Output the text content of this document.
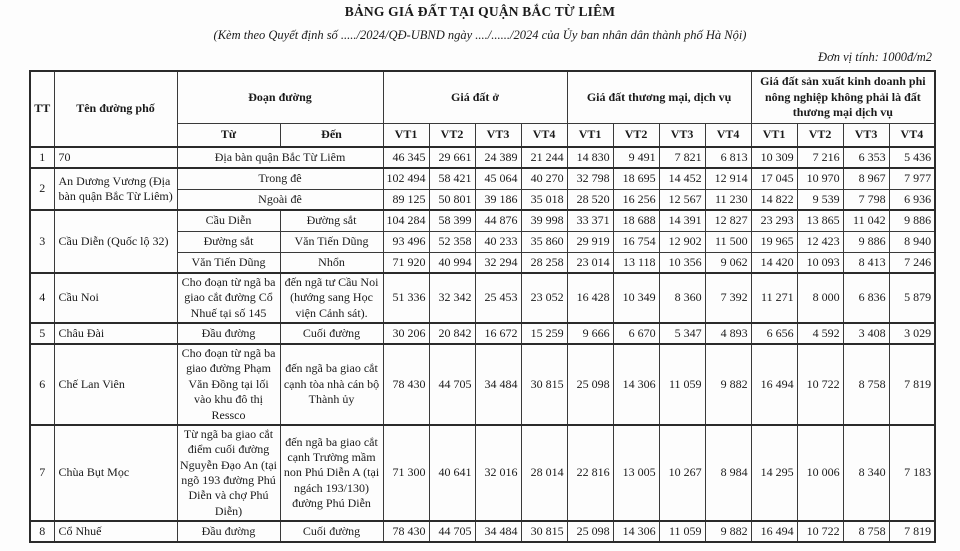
BẢNG GIÁ ĐẤT TẠI QUẬN BẮC TỪ LIÊM
(Kèm theo Quyết định số ...../2024/QĐ-UBND ngày ..../....../2024 của Ủy ban nhân dân thành phố Hà Nội)
Đơn vị tính: 1000đ/m2
TT	Tên đường phố	Đoạn đường		Giá đất ở				Giá đất thương mại, dịch vụ				Giá đất sản xuất kinh doanh phi nông nghiệp không phải là đất thương mại dịch vụ			
		Từ	Đến	VT1	VT2	VT3	VT4	VT1	VT2	VT3	VT4	VT1	VT2	VT3	VT4
1	70	Địa bàn quận Bắc Từ Liêm		46 345	29 661	24 389	21 244	14 830	9 491	7 821	6 813	10 309	7 216	6 353	5 436
2	An Dương Vương (Địa bàn quận Bắc Từ Liêm)	Trong đê		102 494	58 421	45 064	40 270	32 798	18 695	14 452	12 914	17 045	10 970	8 967	7 977
		Ngoài đê		89 125	50 801	39 186	35 018	28 520	16 256	12 567	11 230	14 822	9 539	7 798	6 936
3	Cầu Diễn (Quốc lộ 32)	Cầu Diễn	Đường sắt	104 284	58 399	44 876	39 998	33 371	18 688	14 391	12 827	23 293	13 865	11 042	9 886
		Đường sắt	Văn Tiến Dũng	93 496	52 358	40 233	35 860	29 919	16 754	12 902	11 500	19 965	12 423	9 886	8 940
		Văn Tiến Dũng	Nhổn	71 920	40 994	32 294	28 258	23 014	13 118	10 356	9 062	14 420	10 093	8 413	7 246
4	Cầu Noi	Cho đoạn từ ngã ba giao cắt đường Cổ Nhuế tại số 145	đến ngã tư Cầu Noi (hướng sang Học viện Cảnh sát).	51 336	32 342	25 453	23 052	16 428	10 349	8 360	7 392	11 271	8 000	6 836	5 879
5	Châu Đài	Đầu đường	Cuối đường	30 206	20 842	16 672	15 259	9 666	6 670	5 347	4 893	6 656	4 592	3 408	3 029
6	Chế Lan Viên	Cho đoạn từ ngã ba giao đường Phạm Văn Đồng tại lối vào khu đô thị Ressco	đến ngã ba giao cắt cạnh tòa nhà cán bộ Thành ủy	78 430	44 705	34 484	30 815	25 098	14 306	11 059	9 882	16 494	10 722	8 758	7 819
7	Chùa Bụt Mọc	Từ ngã ba giao cắt điểm cuối đường Nguyễn Đạo An (tại ngõ 193 đường Phú Diễn và chợ Phú Diễn)	đến ngã ba giao cắt cạnh Trường mầm non Phú Diễn A (tại ngách 193/130) đường Phú Diễn	71 300	40 641	32 016	28 014	22 816	13 005	10 267	8 984	14 295	10 006	8 340	7 183
8	Cổ Nhuế	Đầu đường	Cuối đường	78 430	44 705	34 484	30 815	25 098	14 306	11 059	9 882	16 494	10 722	8 758	7 819
